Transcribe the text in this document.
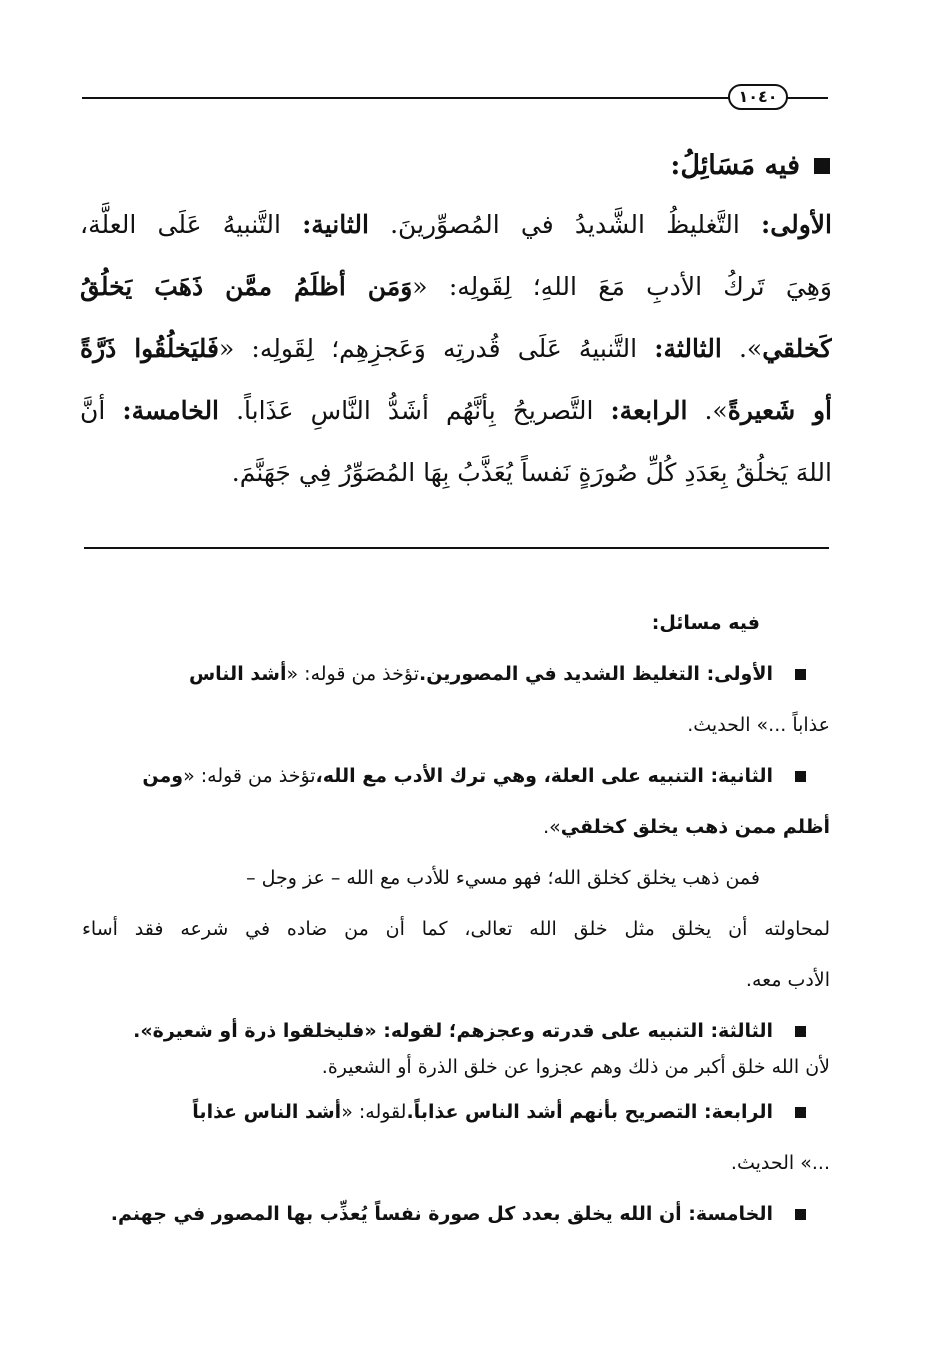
١٠٤٠
فيه مَسَائِلُ:
الأولى: التَّغليظُ الشَّديدُ في المُصوِّرينَ. الثانية: التَّنبيهُ عَلَى العلَّة،
وَهِيَ تَركُ الأدبِ مَعَ اللهِ؛ لِقَولِه: «وَمَن أظلَمُ ممَّن ذَهَبَ يَخلُقُ
كَخلقي». الثالثة: التَّنبيهُ عَلَى قُدرتِه وَعَجزِهِم؛ لِقَولِه: «فَليَخلُقُوا ذَرَّةً
أو شَعيرةً». الرابعة: التَّصريحُ بِأنَّهُم أشَدُّ النَّاسِ عَذَاباً. الخامسة: أنَّ
اللهَ يَخلُقُ بِعَدَدِ كُلِّ صُورَةٍ نَفساً يُعَذَّبُ بِهَا المُصَوِّرُ فِي جَهَنَّمَ.
فيه مسائل:
الأولى: التغليظ الشديد في المصورين.
تؤخذ من قوله: «
أشد الناس
عذاباً ...» الحديث.
الثانية: التنبيه على العلة، وهي ترك الأدب مع الله،
تؤخذ من قوله: «
ومن
أظلم ممن ذهب يخلق كخلقي».
فمن ذهب يخلق كخلق الله؛ فهو مسيء للأدب مع الله – عز وجل –
لمحاولته أن يخلق مثل خلق الله تعالى، كما أن من ضاده في شرعه فقد أساء
الأدب معه.
الثالثة: التنبيه على قدرته وعجزهم؛ لقوله: «فليخلقوا ذرة أو شعيرة».
لأن الله خلق أكبر من ذلك وهم عجزوا عن خلق الذرة أو الشعيرة.
الرابعة: التصريح بأنهم أشد الناس عذاباً.
لقوله: «
أشد الناس عذاباً
...» الحديث.
الخامسة: أن الله يخلق بعدد كل صورة نفساً يُعذِّب بها المصور في جهنم.
